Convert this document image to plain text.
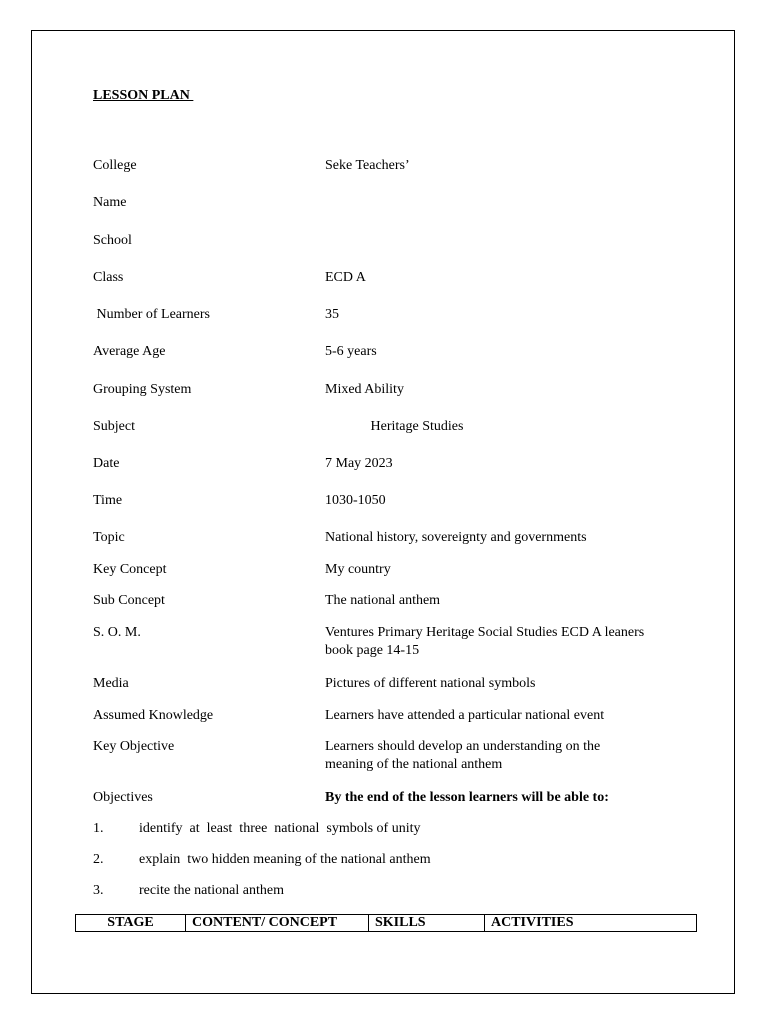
LESSON PLAN
College	Seke Teachers’
Name
School
Class	ECD A
Number of Learners	35
Average Age	5-6 years
Grouping System	Mixed Ability
Subject	Heritage Studies
Date	7 May 2023
Time	1030-1050
Topic	National history, sovereignty and governments
Key Concept	My country
Sub Concept	The national anthem
S. O. M.	Ventures Primary Heritage Social Studies ECD A leaners book page 14-15
Media	Pictures of different national symbols
Assumed Knowledge	Learners have attended a particular national event
Key Objective	Learners should develop an understanding on the meaning of the national anthem
Objectives	By the end of the lesson learners will be able to:
1.	identify  at  least  three  national  symbols of unity
2.	explain  two hidden meaning of the national anthem
3.	recite the national anthem
STAGE	CONTENT/ CONCEPT	SKILLS	ACTIVITIES
